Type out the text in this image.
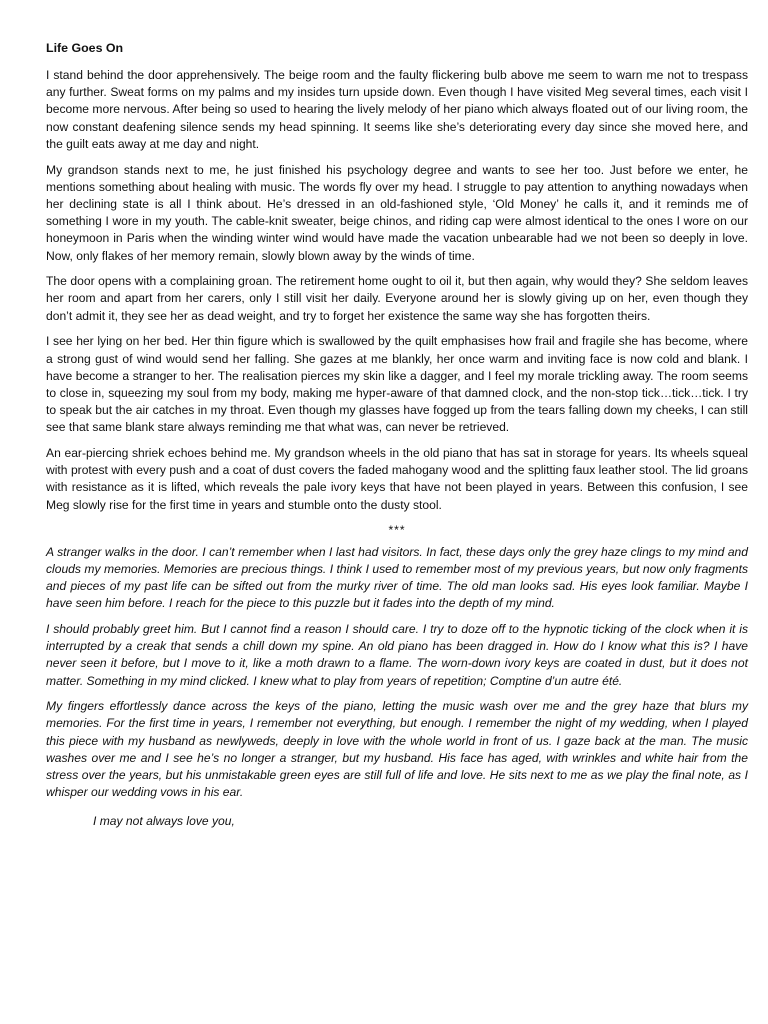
Life Goes On

I stand behind the door apprehensively. The beige room and the faulty flickering bulb above me seem to warn me not to trespass any further. Sweat forms on my palms and my insides turn upside down. Even though I have visited Meg several times, each visit I become more nervous. After being so used to hearing the lively melody of her piano which always floated out of our living room, the now constant deafening silence sends my head spinning. It seems like she’s deteriorating every day since she moved here, and the guilt eats away at me day and night.

My grandson stands next to me, he just finished his psychology degree and wants to see her too. Just before we enter, he mentions something about healing with music. The words fly over my head. I struggle to pay attention to anything nowadays when her declining state is all I think about. He’s dressed in an old-fashioned style, ‘Old Money’ he calls it, and it reminds me of something I wore in my youth. The cable-knit sweater, beige chinos, and riding cap were almost identical to the ones I wore on our honeymoon in Paris when the winding winter wind would have made the vacation unbearable had we not been so deeply in love. Now, only flakes of her memory remain, slowly blown away by the winds of time.

The door opens with a complaining groan. The retirement home ought to oil it, but then again, why would they? She seldom leaves her room and apart from her carers, only I still visit her daily. Everyone around her is slowly giving up on her, even though they don’t admit it, they see her as dead weight, and try to forget her existence the same way she has forgotten theirs.

I see her lying on her bed. Her thin figure which is swallowed by the quilt emphasises how frail and fragile she has become, where a strong gust of wind would send her falling. She gazes at me blankly, her once warm and inviting face is now cold and blank. I have become a stranger to her. The realisation pierces my skin like a dagger, and I feel my morale trickling away. The room seems to close in, squeezing my soul from my body, making me hyper-aware of that damned clock, and the non-stop tick…tick…tick. I try to speak but the air catches in my throat. Even though my glasses have fogged up from the tears falling down my cheeks, I can still see that same blank stare always reminding me that what was, can never be retrieved.

An ear-piercing shriek echoes behind me. My grandson wheels in the old piano that has sat in storage for years. Its wheels squeal with protest with every push and a coat of dust covers the faded mahogany wood and the splitting faux leather stool. The lid groans with resistance as it is lifted, which reveals the pale ivory keys that have not been played in years. Between this confusion, I see Meg slowly rise for the first time in years and stumble onto the dusty stool.

***

A stranger walks in the door. I can’t remember when I last had visitors. In fact, these days only the grey haze clings to my mind and clouds my memories. Memories are precious things. I think I used to remember most of my previous years, but now only fragments and pieces of my past life can be sifted out from the murky river of time. The old man looks sad. His eyes look familiar. Maybe I have seen him before. I reach for the piece to this puzzle but it fades into the depth of my mind.

I should probably greet him. But I cannot find a reason I should care. I try to doze off to the hypnotic ticking of the clock when it is interrupted by a creak that sends a chill down my spine. An old piano has been dragged in. How do I know what this is? I have never seen it before, but I move to it, like a moth drawn to a flame. The worn-down ivory keys are coated in dust, but it does not matter. Something in my mind clicked. I knew what to play from years of repetition; Comptine d’un autre été.

My fingers effortlessly dance across the keys of the piano, letting the music wash over me and the grey haze that blurs my memories. For the first time in years, I remember not everything, but enough. I remember the night of my wedding, when I played this piece with my husband as newlyweds, deeply in love with the whole world in front of us. I gaze back at the man. The music washes over me and I see he’s no longer a stranger, but my husband. His face has aged, with wrinkles and white hair from the stress over the years, but his unmistakable green eyes are still full of life and love. He sits next to me as we play the final note, as I whisper our wedding vows in his ear.

I may not always love you,
